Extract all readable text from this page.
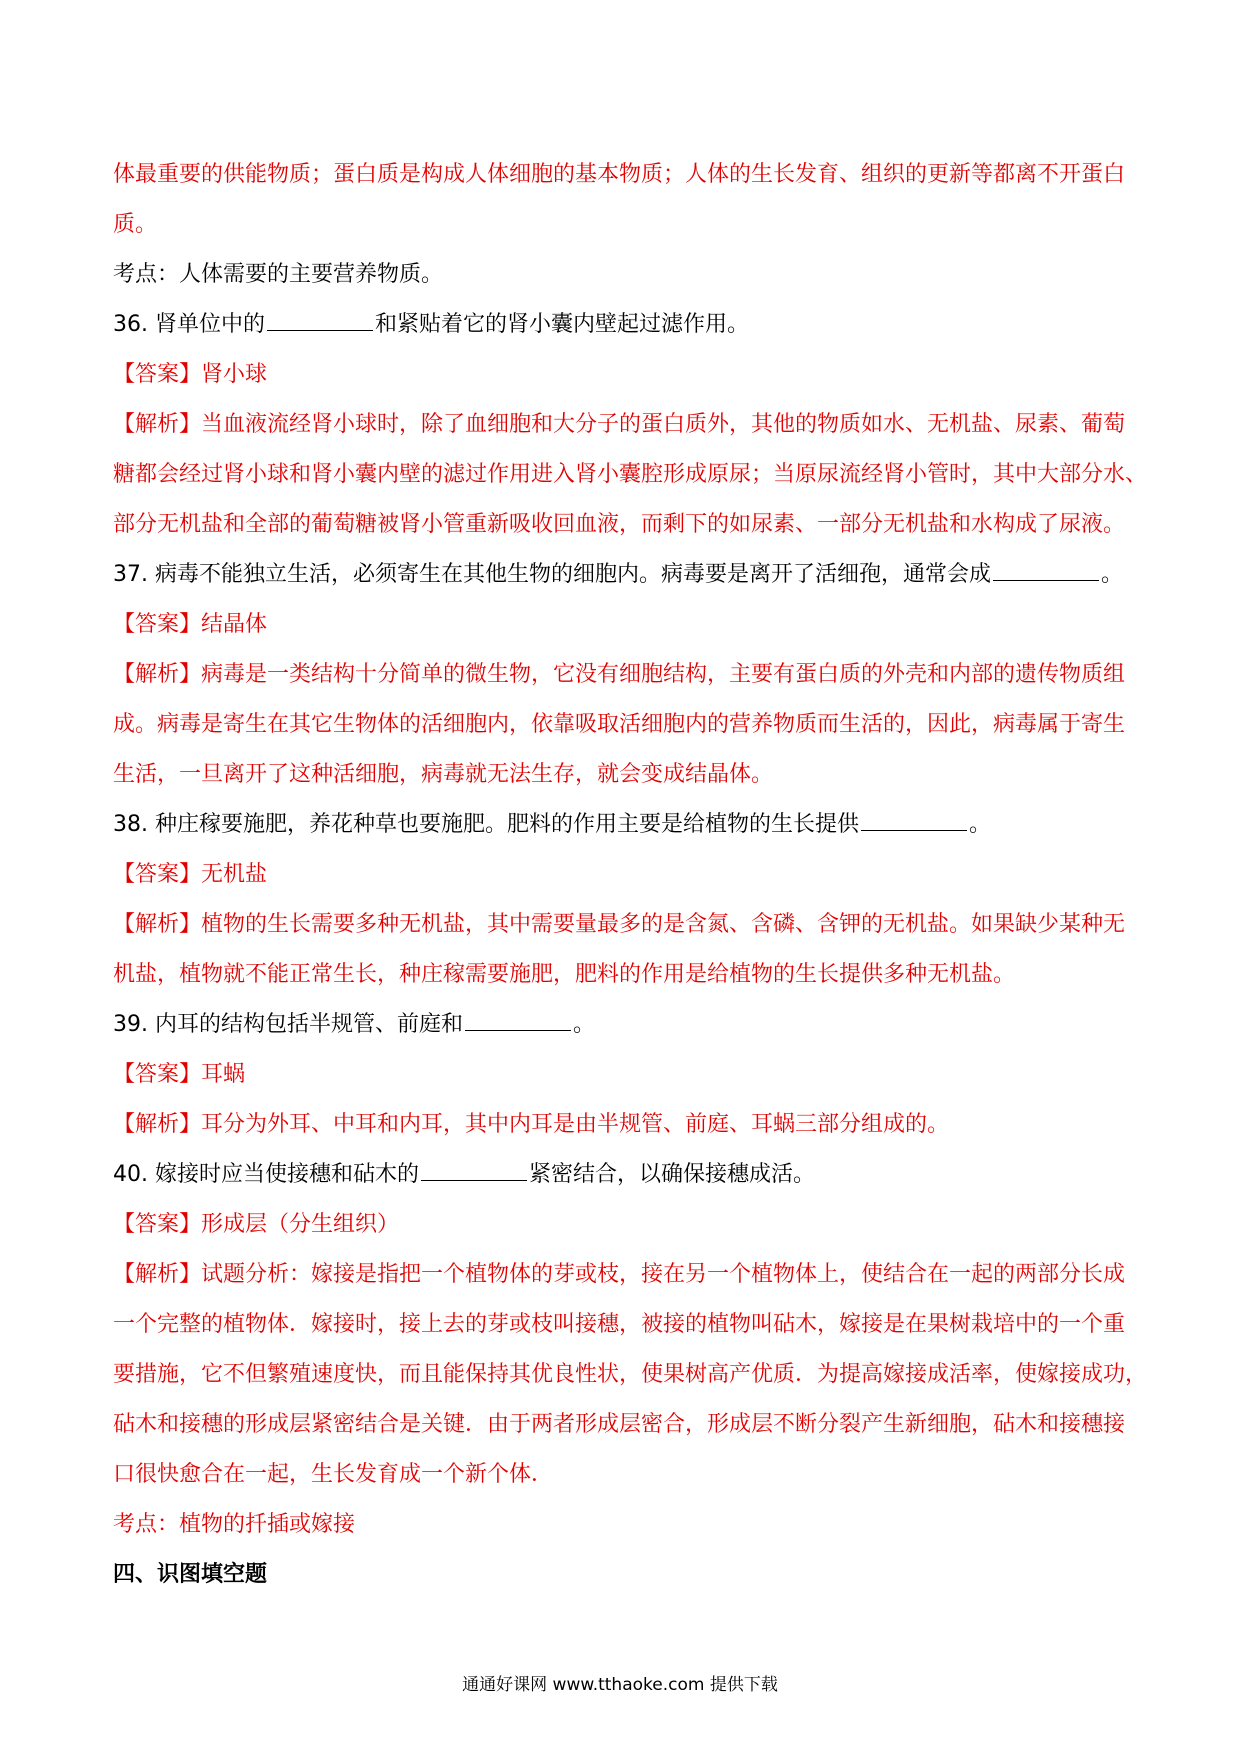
体最重要的供能物质；蛋白质是构成人体细胞的基本物质；人体的生长发育、组织的更新等都离不开蛋白
质。
考点：人体需要的主要营养物质。
36. 肾单位中的	和紧贴着它的肾小囊内壁起过滤作用。
【答案】肾小球
【解析】当血液流经肾小球时，除了血细胞和大分子的蛋白质外，其他的物质如水、无机盐、尿素、葡萄
糖都会经过肾小球和肾小囊内壁的滤过作用进入肾小囊腔形成原尿；当原尿流经肾小管时，其中大部分水、
部分无机盐和全部的葡萄糖被肾小管重新吸收回血液，而剩下的如尿素、一部分无机盐和水构成了尿液。
37. 病毒不能独立生活，必须寄生在其他生物的细胞内。病毒要是离开了活细孢，通常会成	。
【答案】结晶体
【解析】病毒是一类结构十分简单的微生物，它没有细胞结构，主要有蛋白质的外壳和内部的遗传物质组
成。病毒是寄生在其它生物体的活细胞内，依靠吸取活细胞内的营养物质而生活的，因此，病毒属于寄生
生活，一旦离开了这种活细胞，病毒就无法生存，就会变成结晶体。
38. 种庄稼要施肥，养花种草也要施肥。肥料的作用主要是给植物的生长提供	。
【答案】无机盐
【解析】植物的生长需要多种无机盐，其中需要量最多的是含氮、含磷、含钾的无机盐。如果缺少某种无
机盐，植物就不能正常生长，种庄稼需要施肥，肥料的作用是给植物的生长提供多种无机盐。
39. 内耳的结构包括半规管、前庭和	。
【答案】耳蜗
【解析】耳分为外耳、中耳和内耳，其中内耳是由半规管、前庭、耳蜗三部分组成的。
40. 嫁接时应当使接穗和砧木的	紧密结合，以确保接穗成活。
【答案】形成层（分生组织）
【解析】试题分析：嫁接是指把一个植物体的芽或枝，接在另一个植物体上，使结合在一起的两部分长成
一个完整的植物体．嫁接时，接上去的芽或枝叫接穗，被接的植物叫砧木，嫁接是在果树栽培中的一个重
要措施，它不但繁殖速度快，而且能保持其优良性状，使果树高产优质．为提高嫁接成活率，使嫁接成功，
砧木和接穗的形成层紧密结合是关键．由于两者形成层密合，形成层不断分裂产生新细胞，砧木和接穗接
口很快愈合在一起，生长发育成一个新个体．
考点：植物的扦插或嫁接
四、识图填空题
通通好课网 www.tthaoke.com 提供下载
